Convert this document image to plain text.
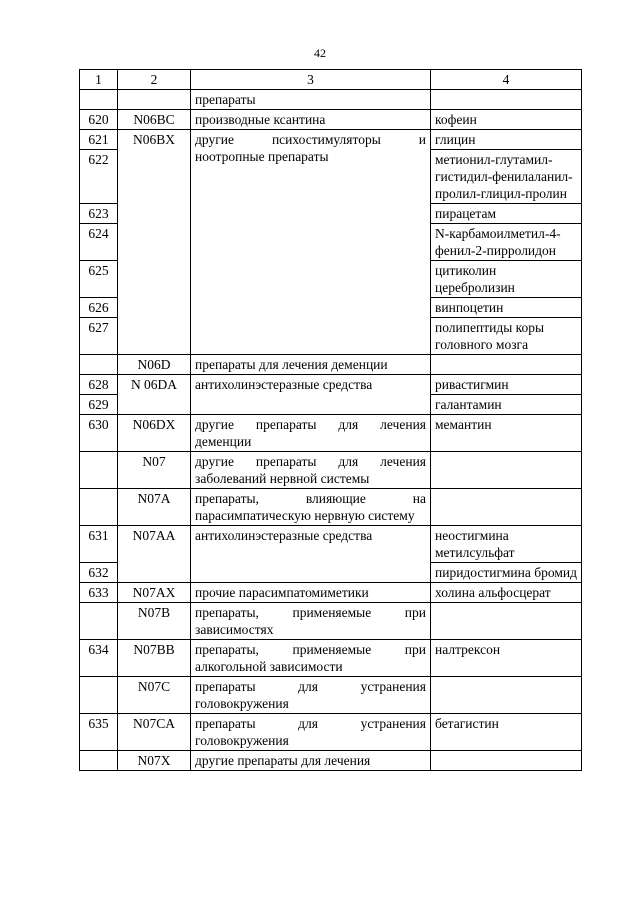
42
1	2	3	4
		препараты	
620	N06BC	производные ксантина	кофеин
621	N06BX	другие психостимуляторы и ноотропные препараты	глицин
622			метионил-глутамил-гистидил-фенилаланил-пролил-глицил-пролин
623			пирацетам
624			N-карбамоилметил-4-фенил-2-пирролидон
625			цитиколин церебролизин
626			винпоцетин
627			полипептиды коры головного мозга
	N06D	препараты для лечения деменции	
628	N 06DA	антихолинэстеразные средства	ривастигмин
629			галантамин
630	N06DX	другие препараты для лечения деменции	мемантин
	N07	другие препараты для лечения заболеваний нервной системы	
	N07A	препараты, влияющие на парасимпатическую нервную систему	
631	N07AA	антихолинэстеразные средства	неостигмина метилсульфат
632			пиридостигмина бромид
633	N07AX	прочие парасимпатомиметики	холина альфосцерат
	N07B	препараты, применяемые при зависимостях	
634	N07BB	препараты, применяемые при алкогольной зависимости	налтрексон
	N07C	препараты для устранения головокружения	
635	N07CA	препараты для устранения головокружения	бетагистин
	N07X	другие препараты для лечения	
